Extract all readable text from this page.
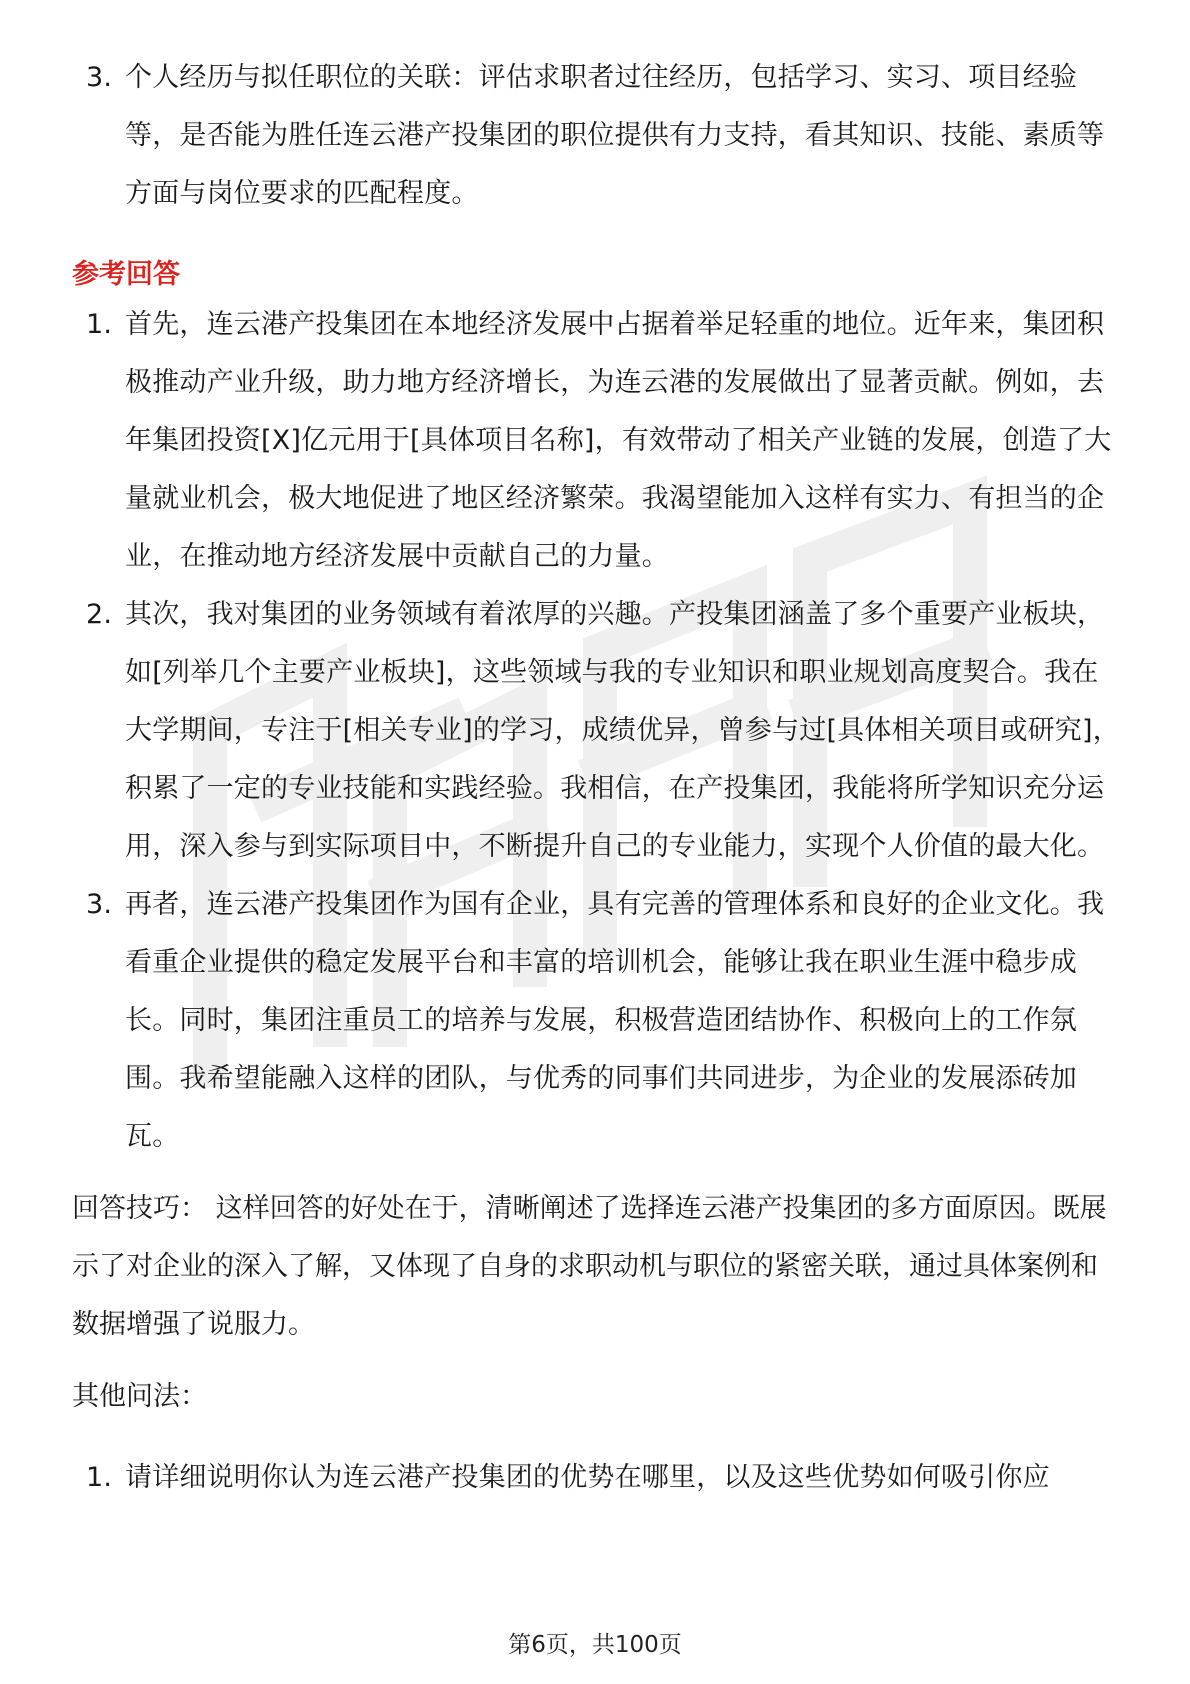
3. 个人经历与拟任职位的关联：评估求职者过往经历，包括学习、实习、项目经验等，是否能为胜任连云港产投集团的职位提供有力支持，看其知识、技能、素质等方面与岗位要求的匹配程度。
参考回答
1. 首先，连云港产投集团在本地经济发展中占据着举足轻重的地位。近年来，集团积极推动产业升级，助力地方经济增长，为连云港的发展做出了显著贡献。例如，去年集团投资[X]亿元用于[具体项目名称]，有效带动了相关产业链的发展，创造了大量就业机会，极大地促进了地区经济繁荣。我渴望能加入这样有实力、有担当的企业，在推动地方经济发展中贡献自己的力量。
2. 其次，我对集团的业务领域有着浓厚的兴趣。产投集团涵盖了多个重要产业板块，如[列举几个主要产业板块]，这些领域与我的专业知识和职业规划高度契合。我在大学期间，专注于[相关专业]的学习，成绩优异，曾参与过[具体相关项目或研究]，积累了一定的专业技能和实践经验。我相信，在产投集团，我能将所学知识充分运用，深入参与到实际项目中，不断提升自己的专业能力，实现个人价值的最大化。
3. 再者，连云港产投集团作为国有企业，具有完善的管理体系和良好的企业文化。我看重企业提供的稳定发展平台和丰富的培训机会，能够让我在职业生涯中稳步成长。同时，集团注重员工的培养与发展，积极营造团结协作、积极向上的工作氛围。我希望能融入这样的团队，与优秀的同事们共同进步，为企业的发展添砖加瓦。
回答技巧： 这样回答的好处在于，清晰阐述了选择连云港产投集团的多方面原因。既展示了对企业的深入了解，又体现了自身的求职动机与职位的紧密关联，通过具体案例和数据增强了说服力。
其他问法：
1. 请详细说明你认为连云港产投集团的优势在哪里，以及这些优势如何吸引你应
第6页，共100页
